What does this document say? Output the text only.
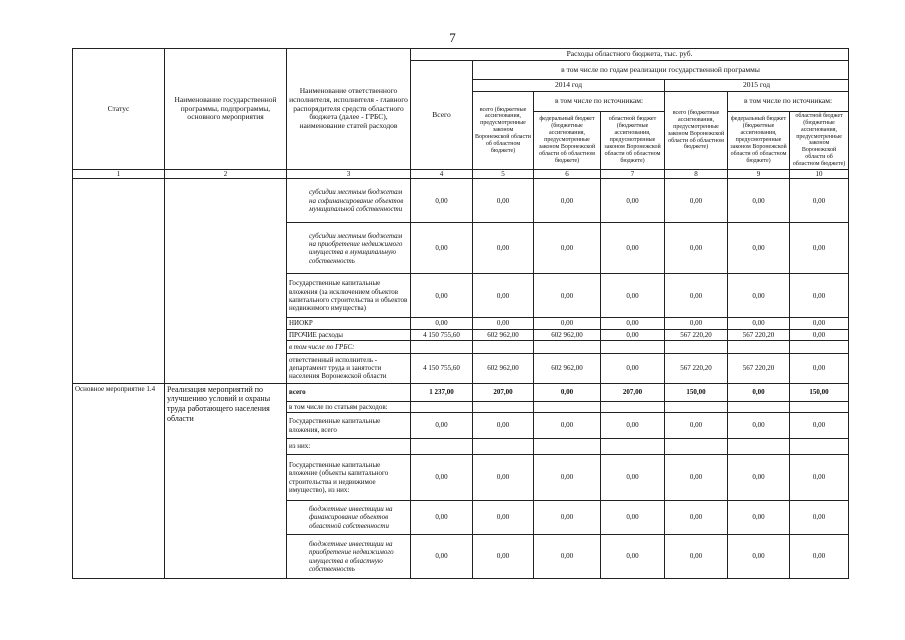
7
Статус	Наименование государственной программы, подпрограммы, основного мероприятия	Наименование ответственного исполнителя, исполнителя - главного распорядителя средств областного бюджета (далее - ГРБС), наименование статей расходов	Расходы областного бюджета, тыс. руб.						
			Всего	в том числе по годам реализации государственной программы					
				2014 год			2015 год		
				всего (бюджетные ассигнования, предусмотренные законом Воронежской области об областном бюджете)	в том числе по источникам:		всего (бюджетные ассигнования, предусмотренные законом Воронежской области об областном бюджете)	в том числе по источникам:	
					федеральный бюджет (бюджетные ассигнования, предусмотренные законом Воронежской области об областном бюджете)	областной бюджет (бюджетные ассигнования, предусмотренные законом Воронежской области об областном бюджете)		федеральный бюджет (бюджетные ассигнования, предусмотренные законом Воронежской области об областном бюджете)	областной бюджет (бюджетные ассигнования, предусмотренные законом Воронежской области об областном бюджете)
1	2	3	4	5	6	7	8	9	10
		субсидии местным бюджетам на софинансирование объектов муниципальной собственности	0,00	0,00	0,00	0,00	0,00	0,00	0,00
		субсидии местным бюджетам на приобретение недвижимого имущества в муниципальную собственность	0,00	0,00	0,00	0,00	0,00	0,00	0,00
		Государственные капитальные вложения (за исключением объектов капитального строительства и объектов недвижимого имущества)	0,00	0,00	0,00	0,00	0,00	0,00	0,00
		НИОКР	0,00	0,00	0,00	0,00	0,00	0,00	0,00
		ПРОЧИЕ расходы	4 150 755,60	602 962,00	602 962,00	0,00	567 220,20	567 220,20	0,00
		в том числе по ГРБС:							
		ответственный исполнитель - департамент труда и занятости населения Воронежской области	4 150 755,60	602 962,00	602 962,00	0,00	567 220,20	567 220,20	0,00
Основное мероприятие 1.4	Реализация мероприятий по улучшению условий и охраны труда работающего населения области	всего	1 237,00	207,00	0,00	207,00	150,00	0,00	150,00
		в том числе по статьям расходов:							
		Государственные капитальные вложения, всего	0,00	0,00	0,00	0,00	0,00	0,00	0,00
		из них:							
		Государственные капитальные вложение (объекты капитального строительства и недвижимое имущество), из них:	0,00	0,00	0,00	0,00	0,00	0,00	0,00
		бюджетные инвестиции на финансирование объектов областной собственности	0,00	0,00	0,00	0,00	0,00	0,00	0,00
		бюджетные инвестиции на приобретение недвижимого имущества в областную собственность	0,00	0,00	0,00	0,00	0,00	0,00	0,00
